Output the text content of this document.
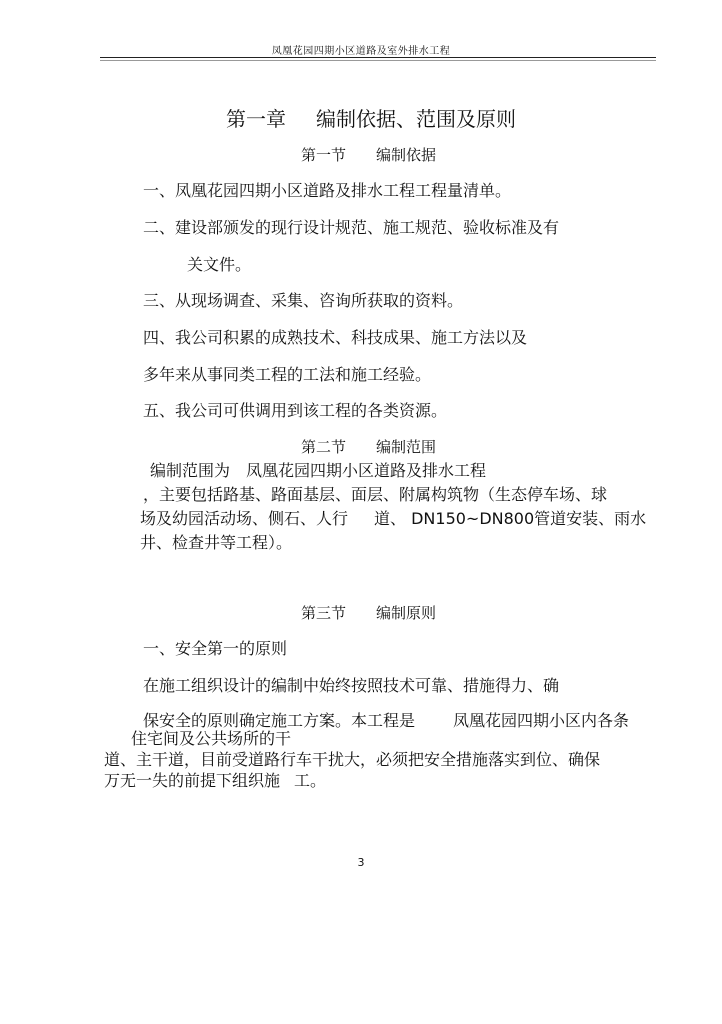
凤凰花园四期小区道路及室外排水工程
第一章 编制依据、范围及原则
第一节 编制依据
一、凤凰花园四期小区道路及排水工程工程量清单。
二、建设部颁发的现行设计规范、施工规范、验收标准及有
关文件。
三、从现场调查、采集、咨询所获取的资料。
四、我公司积累的成熟技术、科技成果、施工方法以及
多年来从事同类工程的工法和施工经验。
五、我公司可供调用到该工程的各类资源。
第二节 编制范围
编制范围为 凤凰花园四期小区道路及排水工程
，主要包括路基、路面基层、面层、附属构筑物（生态停车场、球
场及幼园活动场、侧石、人行 道、 DN150~DN800管道安装、雨水
井、检查井等工程）。
第三节 编制原则
一、安全第一的原则
在施工组织设计的编制中始终按照技术可靠、措施得力、确
保安全的原则确定施工方案。本工程是 凤凰花园四期小区内各条
住宅间及公共场所的干
道、主干道，目前受道路行车干扰大，必须把安全措施落实到位、确保
万无一失的前提下组织施 工。
3
